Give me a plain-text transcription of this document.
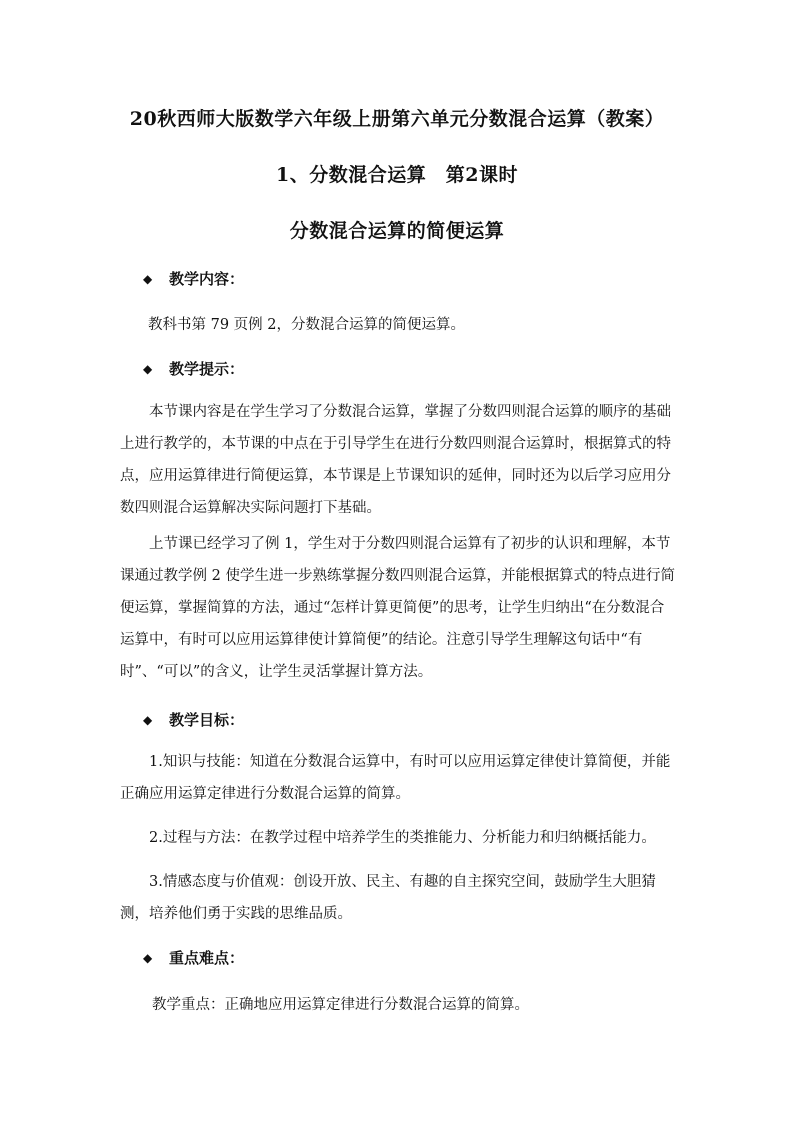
20秋西师大版数学六年级上册第六单元分数混合运算（教案）
1、分数混合运算　第2课时
分数混合运算的简便运算
◆	教学内容：
教科书第 79 页例 2，分数混合运算的简便运算。
◆	教学提示：
本节课内容是在学生学习了分数混合运算，掌握了分数四则混合运算的顺序的基础上进行教学的，本节课的中点在于引导学生在进行分数四则混合运算时，根据算式的特点，应用运算律进行简便运算，本节课是上节课知识的延伸，同时还为以后学习应用分数四则混合运算解决实际问题打下基础。
上节课已经学习了例 1，学生对于分数四则混合运算有了初步的认识和理解，本节课通过教学例 2 使学生进一步熟练掌握分数四则混合运算，并能根据算式的特点进行简便运算，掌握简算的方法，通过“怎样计算更简便”的思考，让学生归纳出“在分数混合运算中，有时可以应用运算律使计算简便”的结论。注意引导学生理解这句话中“有时”、“可以”的含义，让学生灵活掌握计算方法。
◆	教学目标：
1.知识与技能：知道在分数混合运算中，有时可以应用运算定律使计算简便，并能正确应用运算定律进行分数混合运算的简算。
2.过程与方法：在教学过程中培养学生的类推能力、分析能力和归纳概括能力。
3.情感态度与价值观：创设开放、民主、有趣的自主探究空间，鼓励学生大胆猜测，培养他们勇于实践的思维品质。
◆	重点难点：
教学重点：正确地应用运算定律进行分数混合运算的简算。
